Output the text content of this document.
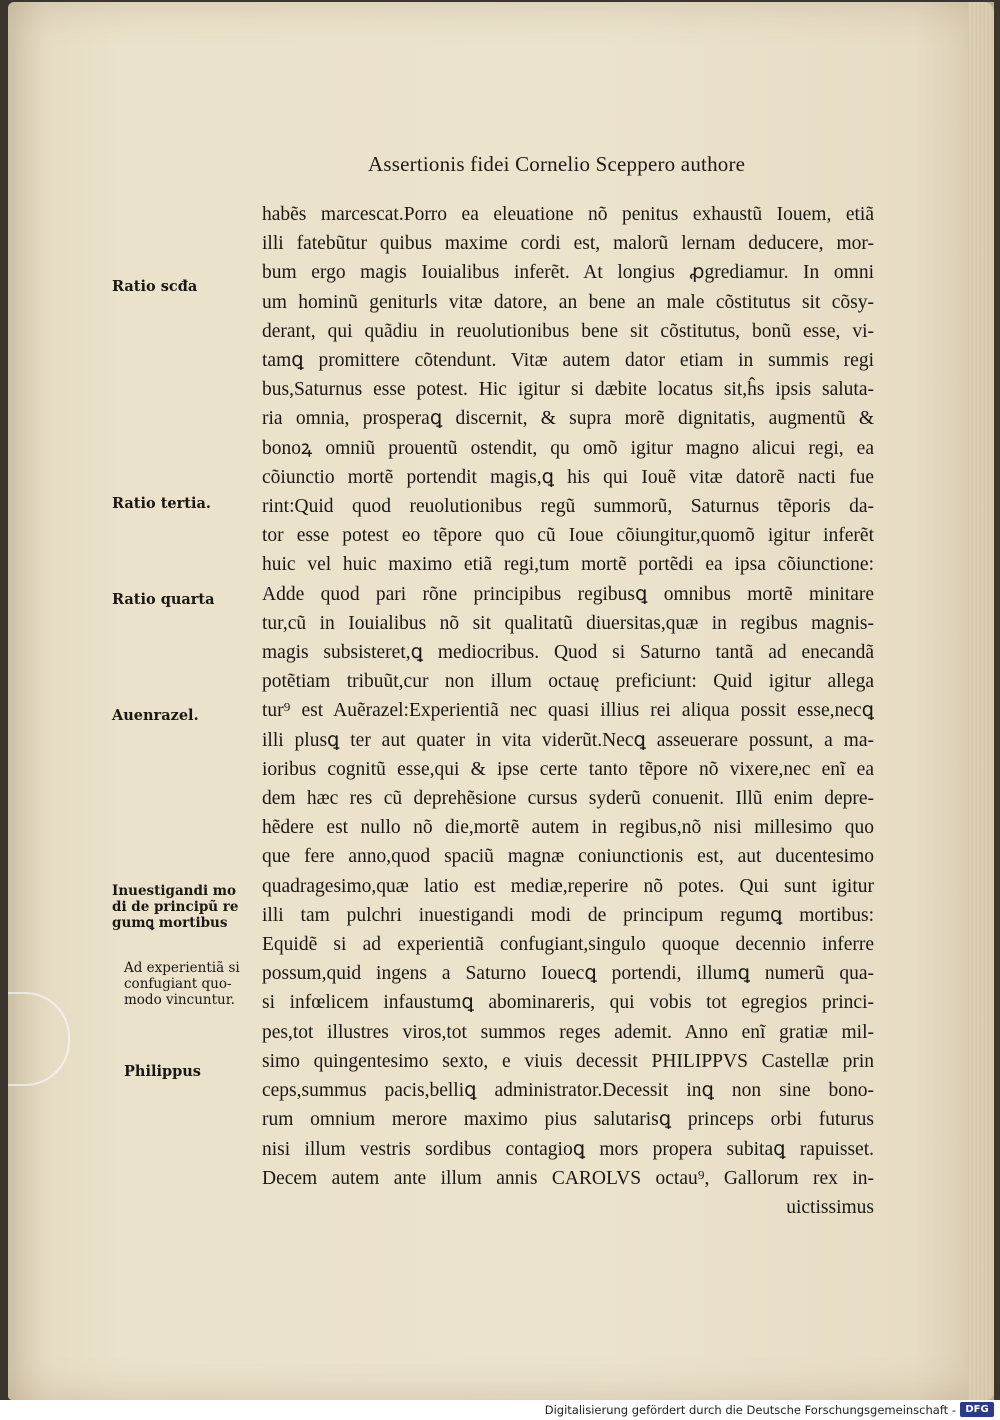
Assertionis fidei Cornelio Sceppero authore
habẽs marcescat.Porro ea eleuatione nõ penitus exhaustũ Iouem, etiã
illi fatebũtur quibus maxime cordi est, malorũ lernam deducere, mor-
bum ergo magis Iouialibus inferẽt. At longius ꝓgrediamur. In omni
um hominũ geniturls vitæ datore, an bene an male cõstitutus sit cõsy-
derant, qui quãdiu in reuolutionibus bene sit cõstitutus, bonũ esse, vi-
tamꝗ promittere cõtendunt. Vitæ autem dator etiam in summis regi
bus,Saturnus esse potest. Hic igitur si dæbite locatus sit,ĥs ipsis saluta-
ria omnia, prosperaꝗ discernit, & supra morẽ dignitatis, augmentũ &
bonoꝝ omniũ prouentũ ostendit, qu omõ igitur magno alicui regi, ea
cõiunctio mortẽ portendit magis,ꝗ his qui Iouẽ vitæ datorẽ nacti fue
rint:Quid quod reuolutionibus regũ summorũ, Saturnus tẽporis da-
tor esse potest eo tẽpore quo cũ Ioue cõiungitur,quomõ igitur inferẽt
huic vel huic maximo etiã regi,tum mortẽ portẽdi ea ipsa cõiunctione:
Adde quod pari rõne principibus regibusꝗ omnibus mortẽ minitare
tur,cũ in Iouialibus nõ sit qualitatũ diuersitas,quæ in regibus magnis-
magis subsisteret,ꝗ mediocribus. Quod si Saturno tantã ad enecandã
potẽtiam tribuũt,cur non illum octauę preficiunt: Quid igitur allega
tur⁹ est Auẽrazel:Experientiã nec quasi illius rei aliqua possit esse,necꝗ
illi plusꝗ ter aut quater in vita viderũt.Necꝗ asseuerare possunt, a ma-
ioribus cognitũ esse,qui & ipse certe tanto tẽpore nõ vixere,nec enĩ ea
dem hæc res cũ deprehẽsione cursus syderũ conuenit. Illũ enim depre-
hẽdere est nullo nõ die,mortẽ autem in regibus,nõ nisi millesimo quo
que fere anno,quod spaciũ magnæ coniunctionis est, aut ducentesimo
quadragesimo,quæ latio est mediæ,reperire nõ potes. Qui sunt igitur
illi tam pulchri inuestigandi modi de principum regumꝗ mortibus:
Equidẽ si ad experientiã confugiant,singulo quoque decennio inferre
possum,quid ingens a Saturno Iouecꝗ portendi, illumꝗ numerũ qua-
si infœlicem infaustumꝗ abominareris, qui vobis tot egregios princi-
pes,tot illustres viros,tot summos reges ademit. Anno enĩ gratiæ mil-
simo quingentesimo sexto, e viuis decessit PHILIPPVS Castellæ prin
ceps,summus pacis,belliꝗ administrator.Decessit inꝗ non sine bono-
rum omnium merore maximo pius salutarisꝗ princeps orbi futurus
nisi illum vestris sordibus contagioꝗ mors propera subitaꝗ rapuisset.
Decem autem ante illum annis CAROLVS octau⁹, Gallorum rex in-
uictissimus
Ratio scđa
Ratio tertia.
Ratio quarta
Auenrazel.
Inuestigandi mo
di de principũ re
gumꝗ mortibus
Ad experientiã si
confugiant quo-
modo vincuntur.
Philippus
Digitalisierung gefördert durch die Deutsche Forschungsgemeinschaft - DFG
